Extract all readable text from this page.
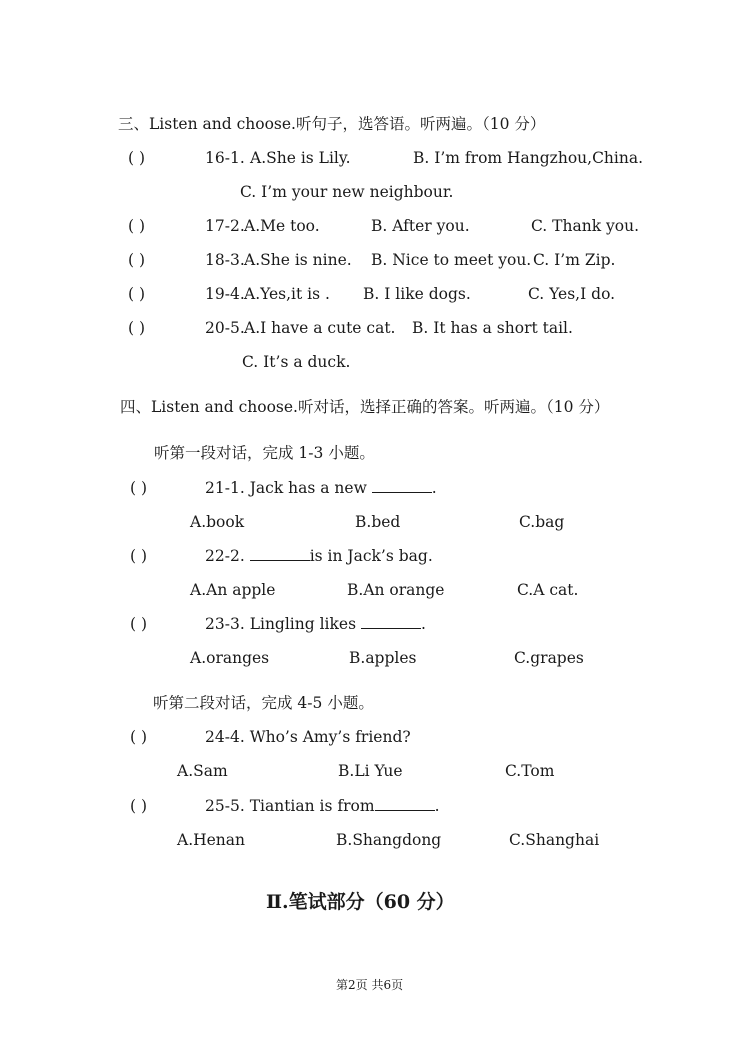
三、Listen and choose.听句子，选答语。听两遍。（10 分）
( )	16-1. A.She is Lily.	B. I’m from Hangzhou,China.
C. I’m your new neighbour.
( )	17-2. A.Me too.	B. After you.	C. Thank you.
( )	18-3. A.She is nine. B. Nice to meet you. C. I’m Zip.
( )	19-4. A.Yes,it is . B. I like dogs.	C. Yes,I do.
( )	20-5. A.I have a cute cat. B. It has a short tail.
C. It’s a duck.
四、Listen and choose.听对话，选择正确的答案。听两遍。（10 分）
听第一段对话，完成 1-3 小题。
( )	21-1. Jack has a new	.
A.book	B.bed	C.bag
( )	22-2.	is in Jack’s bag.
A.An apple	B.An orange	C.A cat.
( )	23-3. Lingling likes	.
A.oranges	B.apples	C.grapes
听第二段对话，完成 4-5 小题。
( )	24-4. Who’s Amy’s friend?
A.Sam	B.Li Yue	C.Tom
( )	25-5. Tiantian is from	.
A.Henan	B.Shangdong	C.Shanghai
Ⅱ.笔试部分（60 分）
第2页 共6页
